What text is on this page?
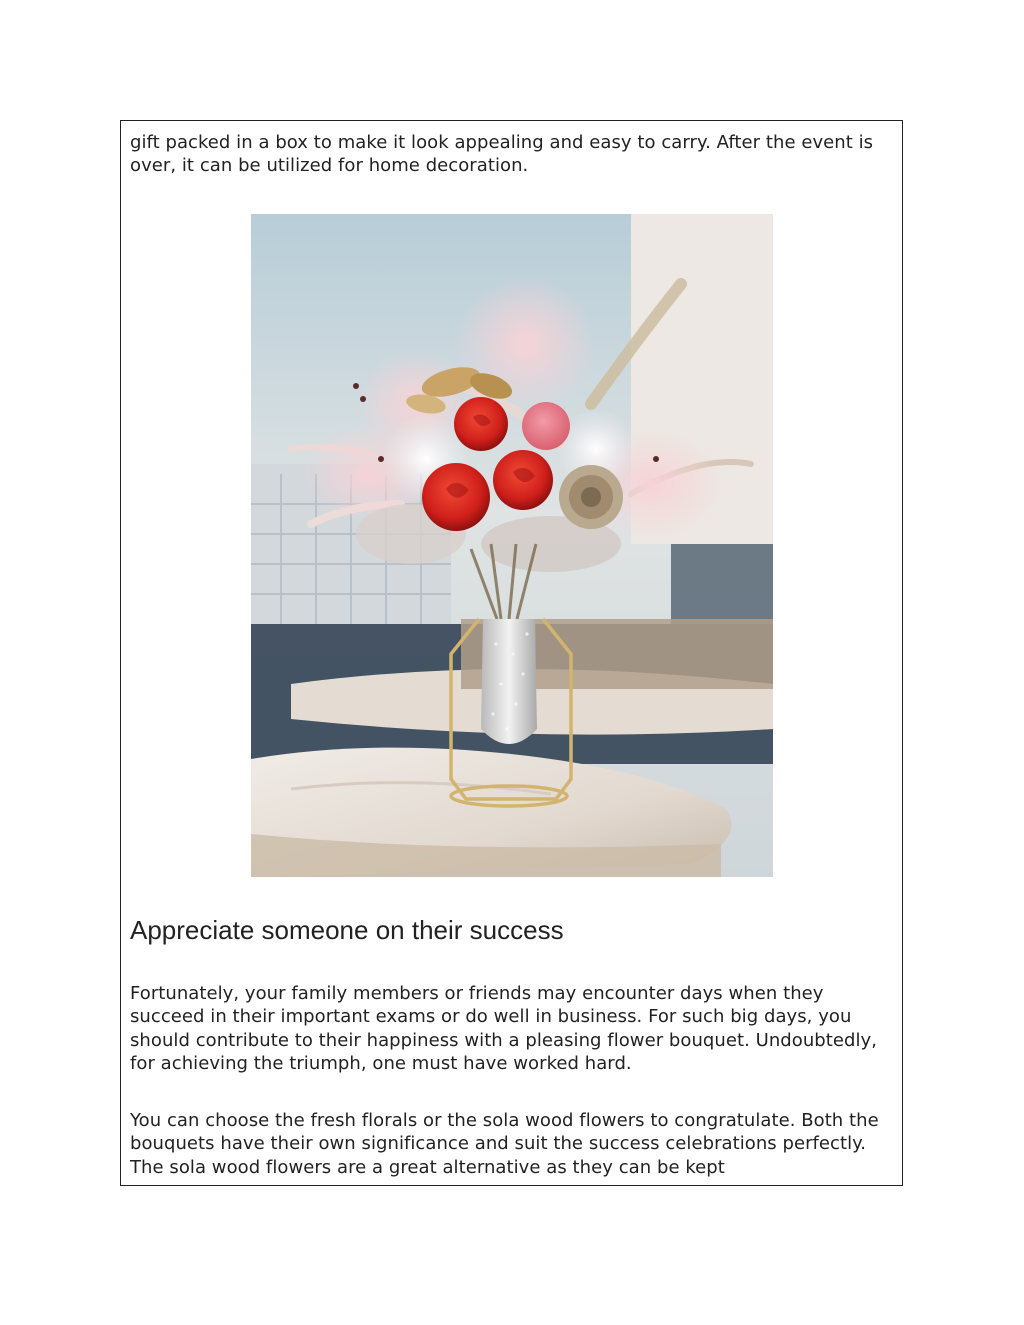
gift packed in a box to make it look appealing and easy to carry. After the event is over, it can be utilized for home decoration.

Appreciate someone on their success

Fortunately, your family members or friends may encounter days when they succeed in their important exams or do well in business. For such big days, you should contribute to their happiness with a pleasing flower bouquet. Undoubtedly, for achieving the triumph, one must have worked hard.

You can choose the fresh florals or the sola wood flowers to congratulate. Both the bouquets have their own significance and suit the success celebrations perfectly. The sola wood flowers are a great alternative as they can be kept
